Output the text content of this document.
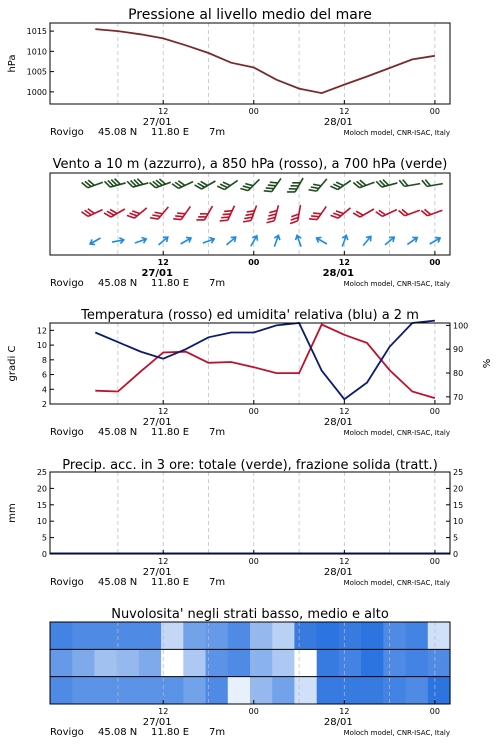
Pressione al livello medio del mare
1000
1005
1010
1015
hPa
12	00	12	00
27/01	28/01
Rovigo 45.08 N 11.80 E 7m	Moloch model, CNR-ISAC, Italy
Vento a 10 m (azzurro), a 850 hPa (rosso), a 700 hPa (verde)
12	00	12	00
27/01	28/01
Rovigo 45.08 N 11.80 E 7m	Moloch model, CNR-ISAC, Italy
Temperatura (rosso) ed umidita' relativa (blu) a 2 m
2
4
6
8
10
12
70
80
90
100
gradi C	%
12	00	12	00
27/01	28/01
Rovigo 45.08 N 11.80 E 7m	Moloch model, CNR-ISAC, Italy
Precip. acc. in 3 ore: totale (verde), frazione solida (tratt.)
0
5
10
15
20
25
0
5
10
15
20
25
mm
12	00	12	00
27/01	28/01
Rovigo 45.08 N 11.80 E 7m	Moloch model, CNR-ISAC, Italy
Nuvolosita' negli strati basso, medio e alto
12	00	12	00
27/01	28/01
Rovigo 45.08 N 11.80 E 7m	Moloch model, CNR-ISAC, Italy
